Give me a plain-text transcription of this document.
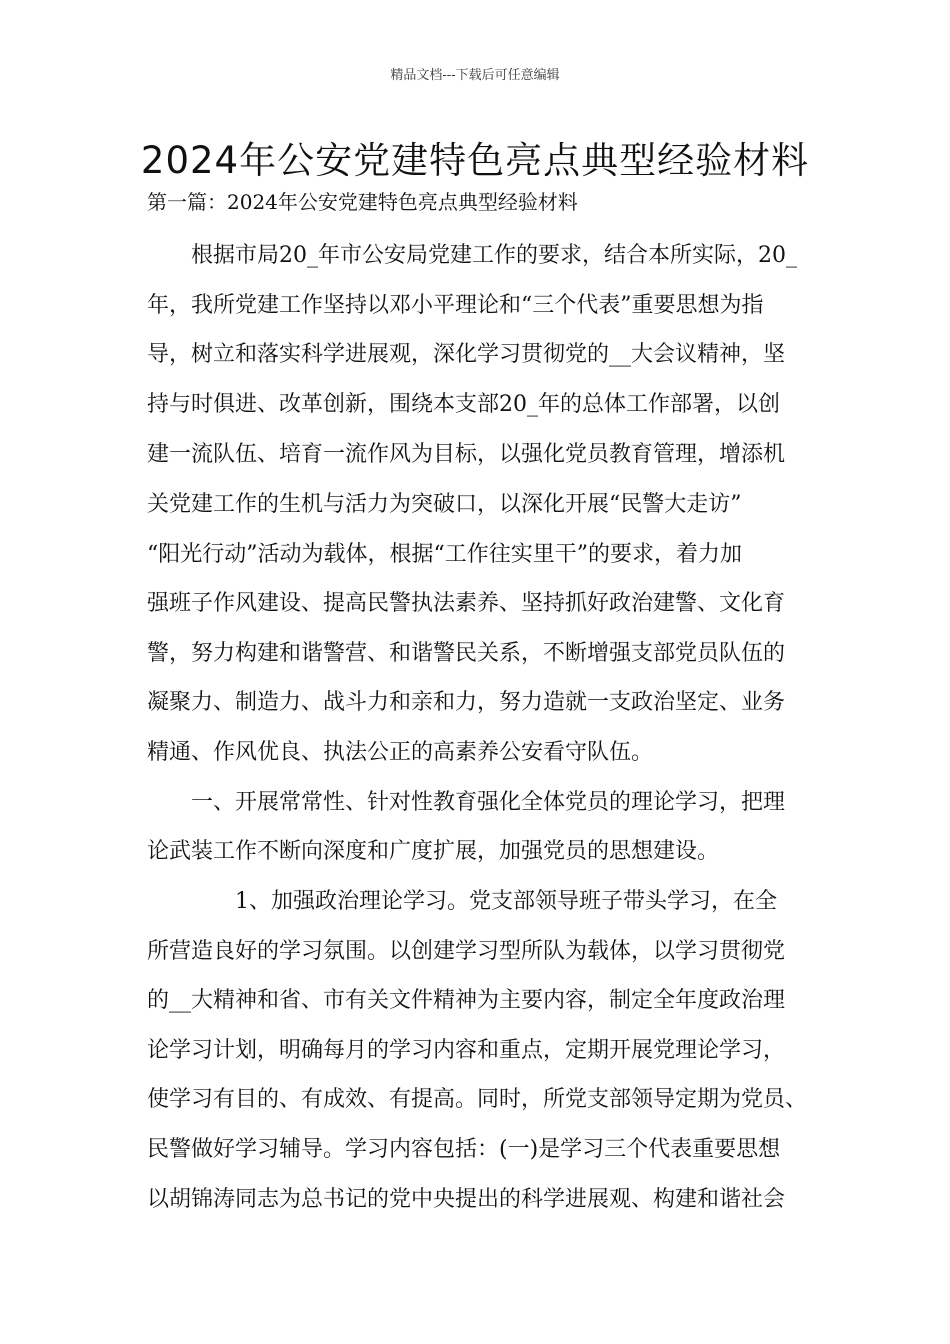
精品文档---下载后可任意编辑
2024年公安党建特色亮点典型经验材料
第一篇：2024年公安党建特色亮点典型经验材料
　　根据市局20_年市公安局党建工作的要求，结合本所实际，20_
年，我所党建工作坚持以邓小平理论和“三个代表”重要思想为指
导，树立和落实科学进展观，深化学习贯彻党的__大会议精神，坚
持与时俱进、改革创新，围绕本支部20_年的总体工作部署，以创
建一流队伍、培育一流作风为目标，以强化党员教育管理，增添机
关党建工作的生机与活力为突破口，以深化开展“民警大走访”
“阳光行动”活动为载体，根据“工作往实里干”的要求，着力加
强班子作风建设、提高民警执法素养、坚持抓好政治建警、文化育
警，努力构建和谐警营、和谐警民关系，不断增强支部党员队伍的
凝聚力、制造力、战斗力和亲和力，努力造就一支政治坚定、业务
精通、作风优良、执法公正的高素养公安看守队伍。
　　一、开展常常性、针对性教育强化全体党员的理论学习，把理
论武装工作不断向深度和广度扩展，加强党员的思想建设。
　　　　1、加强政治理论学习。党支部领导班子带头学习，在全
所营造良好的学习氛围。以创建学习型所队为载体，以学习贯彻党
的__大精神和省、市有关文件精神为主要内容，制定全年度政治理
论学习计划，明确每月的学习内容和重点，定期开展党理论学习，
使学习有目的、有成效、有提高。同时，所党支部领导定期为党员、
民警做好学习辅导。学习内容包括：(一)是学习三个代表重要思想
以胡锦涛同志为总书记的党中央提出的科学进展观、构建和谐社会
